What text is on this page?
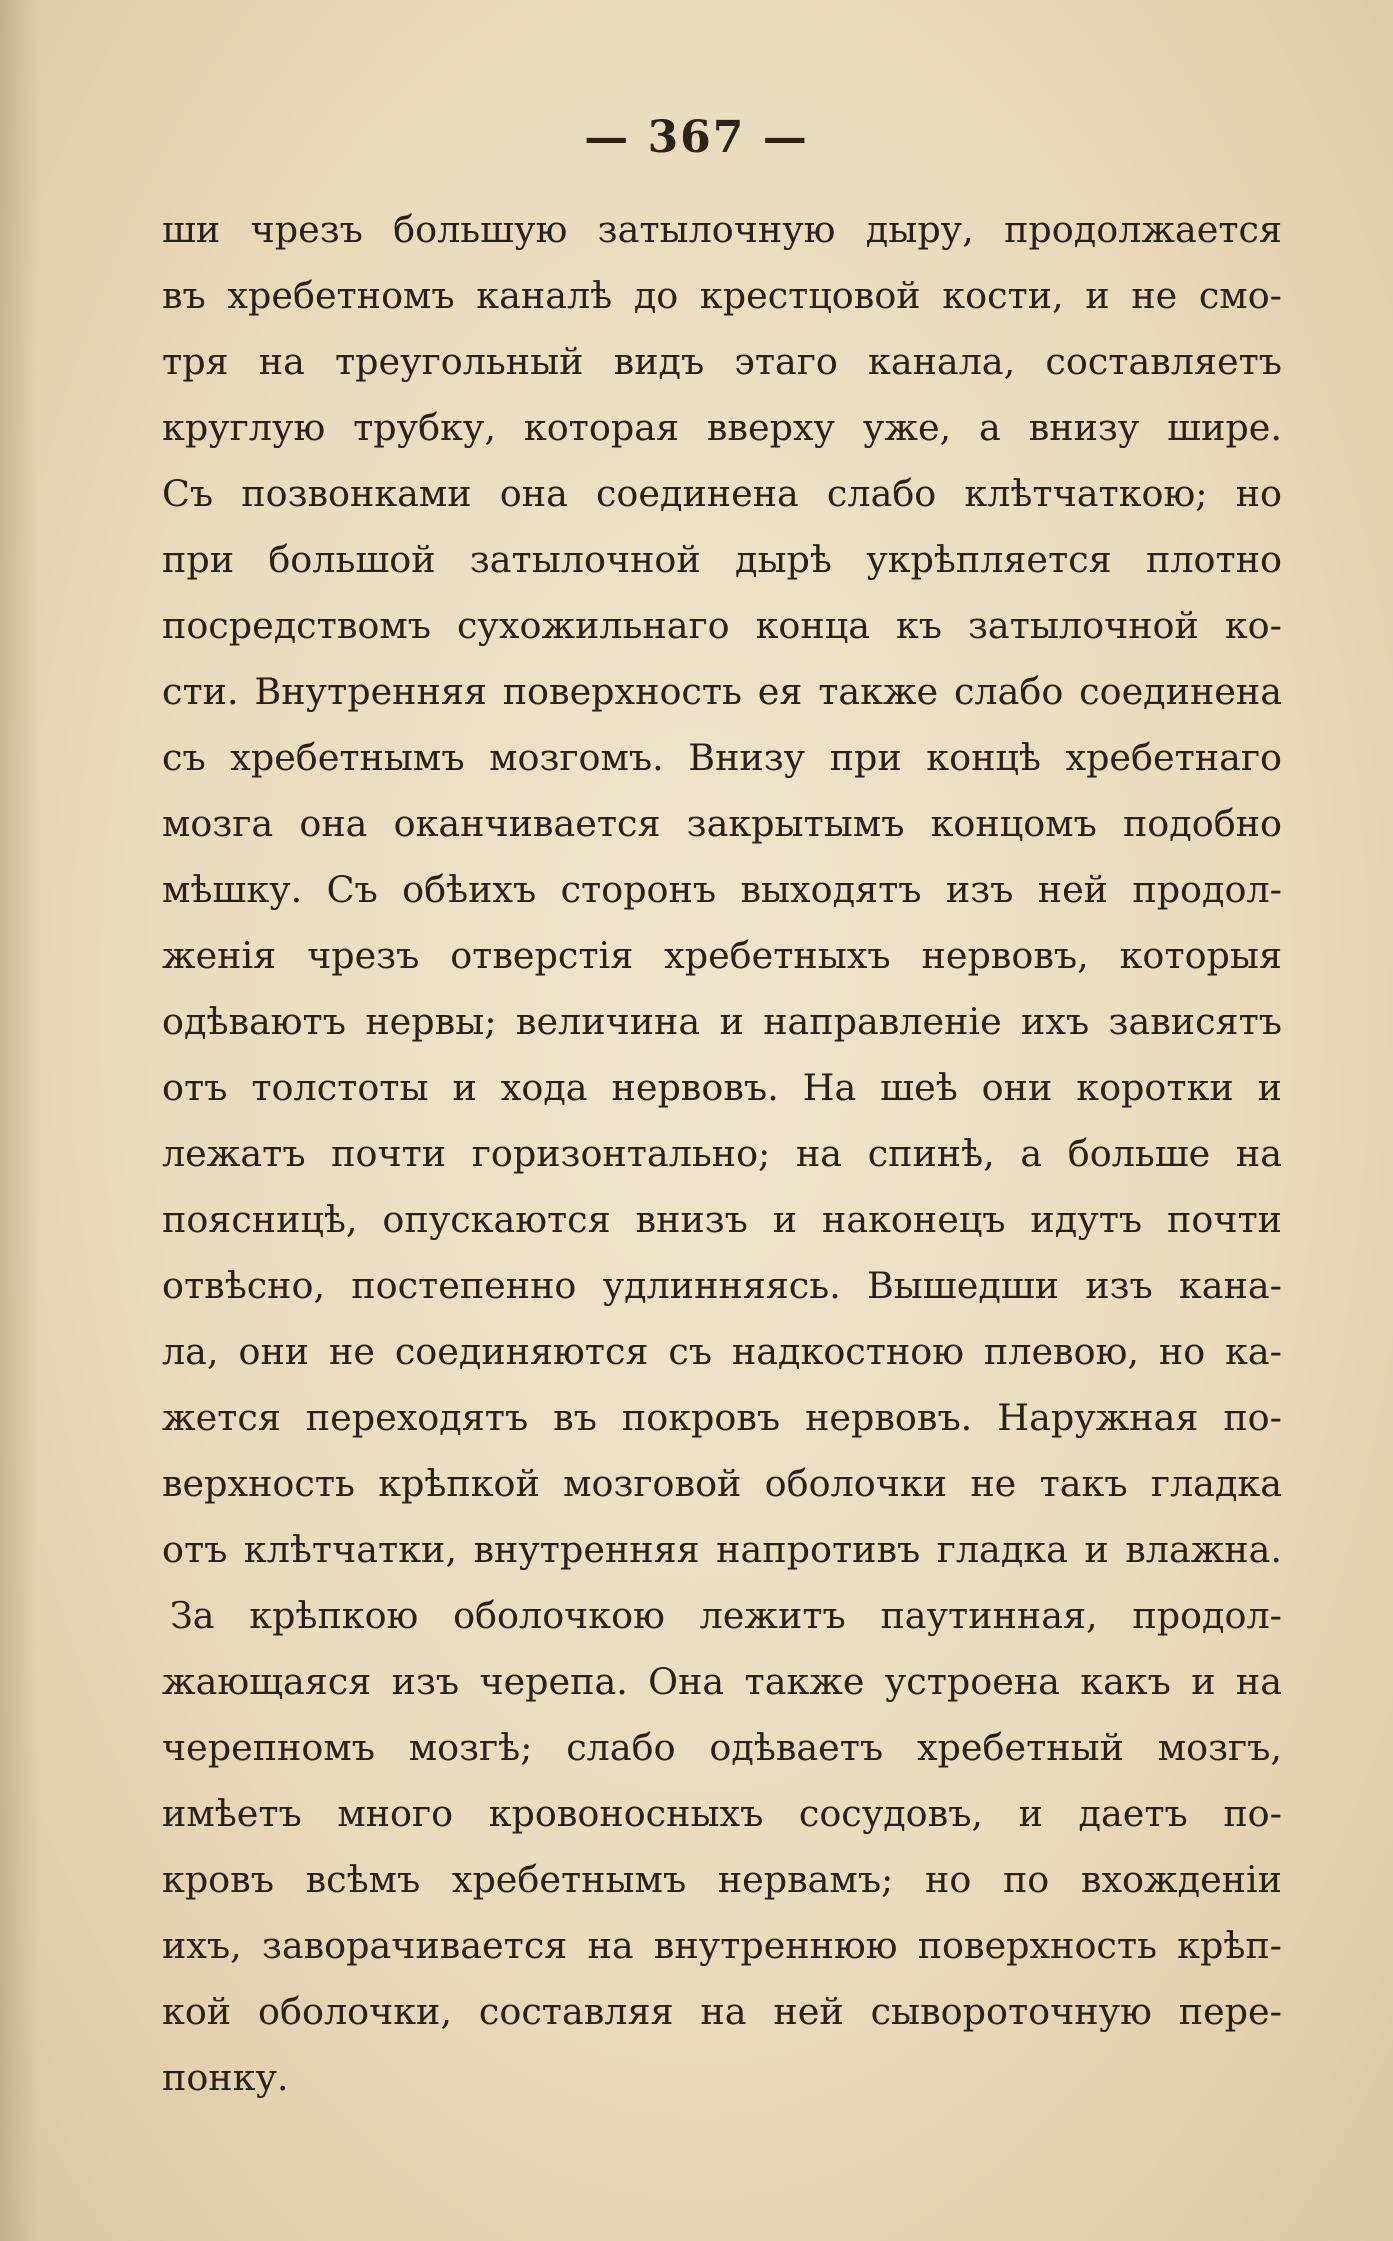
— 367 —
ши чрезъ большую затылочную дыру, продолжается
въ хребетномъ каналѣ до крестцовой кости, и не смо-
тря на треугольный видъ этаго канала, составляетъ
круглую трубку, которая вверху уже, а внизу шире.
Съ позвонками она соединена слабо клѣтчаткою; но
при большой затылочной дырѣ укрѣпляется плотно
посредствомъ сухожильнаго конца къ затылочной ко-
сти. Внутренняя поверхность ея также слабо соединена
съ хребетнымъ мозгомъ. Внизу при концѣ хребетнаго
мозга она оканчивается закрытымъ концомъ подобно
мѣшку. Съ обѣихъ сторонъ выходятъ изъ ней продол-
женія чрезъ отверстія хребетныхъ нервовъ, которыя
одѣваютъ нервы; величина и направленіе ихъ зависятъ
отъ толстоты и хода нервовъ. На шеѣ они коротки и
лежатъ почти горизонтально; на спинѣ, а больше на
поясницѣ, опускаются внизъ и наконецъ идутъ почти
отвѣсно, постепенно удлинняясь. Вышедши изъ кана-
ла, они не соединяются съ надкостною плевою, но ка-
жется переходятъ въ покровъ нервовъ. Наружная по-
верхность крѣпкой мозговой оболочки не такъ гладка
отъ клѣтчатки, внутренняя напротивъ гладка и влажна.
За крѣпкою оболочкою лежитъ паутинная, продол-
жающаяся изъ черепа. Она также устроена какъ и на
черепномъ мозгѣ; слабо одѣваетъ хребетный мозгъ,
имѣетъ много кровоносныхъ сосудовъ, и даетъ по-
кровъ всѣмъ хребетнымъ нервамъ; но по вхожденіи
ихъ, заворачивается на внутреннюю поверхность крѣп-
кой оболочки, составляя на ней сывороточную пере-
понку.
